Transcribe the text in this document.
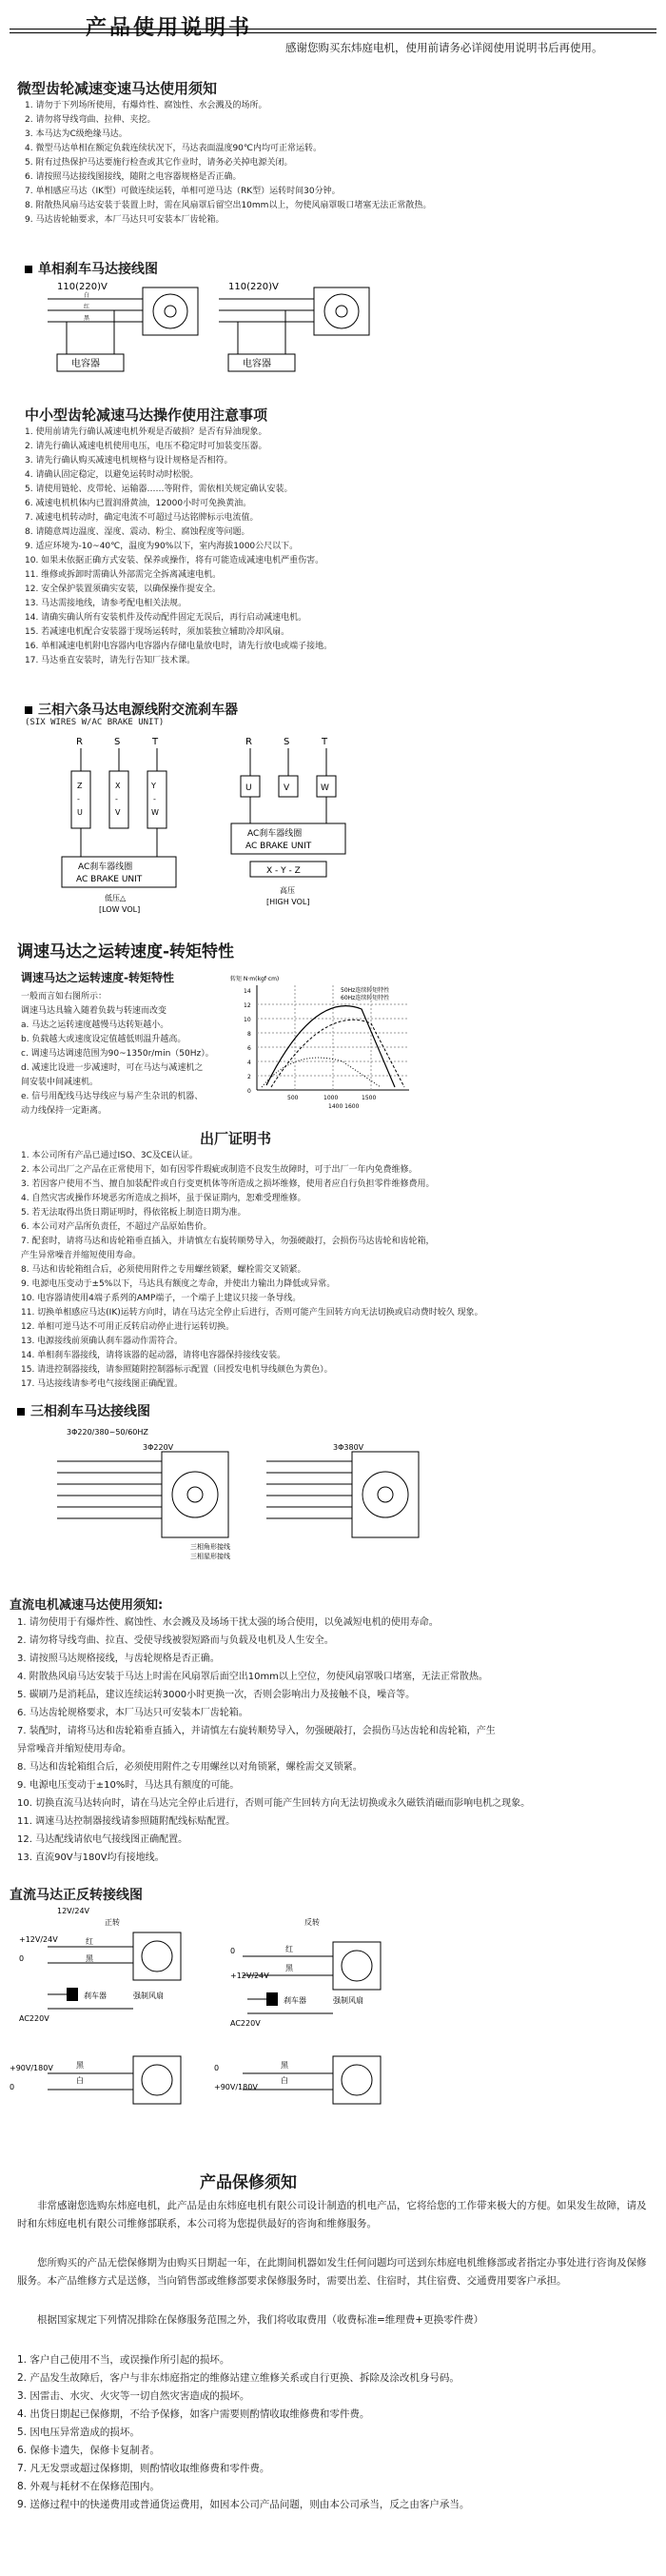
产品使用说明书
感谢您购买东炜庭电机，使用前请务必详阅使用说明书后再使用。
微型齿轮减速变速马达使用须知
1. 请勿于下列场所使用，有爆炸性、腐蚀性、水会溅及的场所。
2. 请勿将导线弯曲、拉伸、夹挖。
3. 本马达为C级绝缘马达。
4. 微型马达单相在额定负载连续状况下，马达表面温度90℃内均可正常运转。
5. 附有过热保护马达要施行检查或其它作业时，请务必关掉电源关闭。
6. 请按照马达接线图接线，随附之电容器规格是否正确。
7. 单相感应马达（IK型）可做连续运转，单相可逆马达（RK型）运转时间30分钟。
8. 附散热风扇马达安装于装置上时，需在风扇罩后留空出10mm以上，勿使风扇罩吸口堵塞无法正常散热。
9. 马达齿轮轴要求，本厂马达只可安装本厂齿轮箱。
单相刹车马达接线图
110(220)V
白
红
黑
电容器
110(220)V
电容器
中小型齿轮减速马达操作使用注意事项
1. 使用前请先行确认减速电机外观是否破损？是否有异油现象。
2. 请先行确认减速电机使用电压，电压不稳定时可加装变压器。
3. 请先行确认购买减速电机规格与设计规格是否相符。
4. 请确认固定稳定，以避免运转时动时松脱。
5. 请使用链轮、皮带轮、运输器……等附件，需依相关规定确认安装。
6. 减速电机机体内已置润滑黄油，12000小时可免换黄油。
7. 减速电机转动时，确定电流不可超过马达铭牌标示电流值。
8. 请随意周边温度、湿度、震动、粉尘、腐蚀程度等问题。
9. 适应环境为-10~40℃，温度为90%以下，室内海拔1000公尺以下。
10. 如果未依据正确方式安装、保养或操作，将有可能造成减速电机严重伤害。
11. 维修或拆卸时需确认外部需完全拆离减速电机。
12. 安全保护装置须确实安装，以确保操作提安全。
13. 马达需接地线，请参考配电相关法规。
14. 请确实确认所有安装机件及传动配件固定无误后，再行启动减速电机。
15. 若减速电机配合安装器于现场运转时，须加装独立辅助冷却风扇。
16. 单相减速电机附电容器内电容器内存储电量放电时，请先行放电或端子接地。
17. 马达垂直安装时，请先行告知厂技术课。
三相六条马达电源线附交流刹车器
(SIX WIRES W/AC BRAKE UNIT)
R	S	T
Z
-
U
X
-
V
Y
-
W
AC刹车器线圈
AC BRAKE UNIT
低压△
[LOW VOL]
R	S	T
U	V	W
AC刹车器线圈
AC BRAKE UNIT
X - Y - Z
高压
[HIGH VOL]
调速马达之运转速度-转矩特性
调速马达之运转速度-转矩特性
一般而言如右图所示：
调速马达具输入随着负载与转速而改变
a. 马达之运转速度越慢马达转矩越小。
b. 负载越大或速度设定值越低则温升越高。
c. 调速马达调速范围为90~1350r/min（50Hz）。
d. 减速比设进一步减速时，可在马达与减速机之
间安装中间减速机。
e. 信号用配线马达导线应与易产生杂讯的机器、
动力线保持一定距离。
转矩 N·m(kgf·cm)
50Hz连续转矩特性
60Hz连续转矩特性
500	1000	1500
1400 1600
0
2
4
6
8
10
12
14
出厂证明书
1. 本公司所有产品已通过ISO、3C及CE认证。
2. 本公司出厂之产品在正常使用下，如有因零件瑕疵或制造不良发生故障时，可于出厂一年内免费维修。
3. 若因客户使用不当、擅自加装配件或自行变更机体等所造成之损坏维修，使用者应自行负担零件维修费用。
4. 自然灾害或操作环境恶劣所造成之损坏，虽于保证期内，恕难受理维修。
5. 若无法取得出货日期证明时，得依铭板上制造日期为准。
6. 本公司对产品所负责任，不超过产品原始售价。
7. 配套时，请将马达和齿轮箱垂直插入，并请慎左右旋转顺势导入，勿强硬敲打，会损伤马达齿轮和齿轮箱，
产生异常噪音并缩短使用寿命。
8. 马达和齿轮箱组合后，必须使用附件之专用螺丝锁紧，螺栓需交叉锁紧。
9. 电源电压变动于±5%以下，马达具有额度之寿命，并使出力输出力降低或异常。
10. 电容器请使用4端子系列的AMP端子，一个端子上建议只接一条导线。
11. 切换单相感应马达(IK)运转方向时，请在马达完全停止后进行，否则可能产生回转方向无法切换或启动费时较久 现象。
12. 单相可逆马达不可用正反转启动停止进行运转切换。
13. 电源接线前须确认刹车器动作需符合。
14. 单相刹车器接线，请将该器的起动器，请将电容器保持接线安装。
15. 请进控制器接线，请参照随附控制器标示配置（回授发电机导线颜色为黄色）。
17. 马达接线请参考电气接线图正确配置。
三相刹车马达接线图
3Φ220/380~50/60HZ
3Φ220V	3Φ380V
三相角形接线
三相星形接线
直流电机减速马达使用须知:
1. 请勿使用于有爆炸性、腐蚀性、水会溅及及场场干扰太强的场合使用，以免减短电机的使用寿命。
2. 请勿将导线弯曲、拉直、受使导线被裂短路而与负载及电机及人生安全。
3. 请按照马达规格接线，与齿轮规格是否正确。
4. 附散热风扇马达安装于马达上时需在风扇罩后面空出10mm以上空位，勿使风扇罩吸口堵塞，无法正常散热。
5. 碳刷乃是消耗品，建议连续运转3000小时更换一次，否则会影响出力及接触不良，噪音等。
6. 马达齿轮规格要求，本厂马达只可安装本厂齿轮箱。
7. 装配时，请将马达和齿轮箱垂直插入，并请慎左右旋转顺势导入，勿强硬敲打，会损伤马达齿轮和齿轮箱，产生
异常噪音并缩短使用寿命。
8. 马达和齿轮箱组合后，必须使用附件之专用螺丝以对角锁紧，螺栓需交叉锁紧。
9. 电源电压变动于±10%时，马达具有额度的可能。
10. 切换直流马达转向时，请在马达完全停止后进行，否则可能产生回转方向无法切换或永久磁铁消磁而影响电机之现象。
11. 调速马达控制器接线请参照随附配线标贴配置。
12. 马达配线请依电气接线图正确配置。
13. 直流90V与180V均有接地线。
直流马达正反转接线图
12V/24V
正转	反转
+12V/24V
0
0
+12V/24V
红
黑
红
黑
刹车器	强制风扇
AC220V
刹车器	强制风扇
AC220V
+90V/180V
0
0
+90V/180V
黑
白
黑
白
产品保修须知
非常感谢您选购东炜庭电机，此产品是由东炜庭电机有限公司设计制造的机电产品，它将给您的工作带来极大的方便。如果发生故障，请及时和东炜庭电机有限公司维修部联系，本公司将为您提供最好的咨询和维修服务。
您所购买的产品无偿保修期为由购买日期起一年，在此期间机器如发生任何问题均可送到东炜庭电机维修部或者指定办事处进行咨询及保修服务。本产品维修方式是送修，当向销售部或维修部要求保修服务时，需要出差、住宿时，其住宿费、交通费用要客户承担。
根据国家规定下列情况排除在保修服务范围之外，我们将收取费用（收费标准=维理费+更换零件费）
1. 客户自己使用不当，或误操作所引起的损坏。
2. 产品发生故障后，客户与非东炜庭指定的维修站建立维修关系或自行更换、拆除及涂改机身号码。
3. 因雷击、水灾、火灾等一切自然灾害造成的损坏。
4. 出货日期起已保修期，不给予保修，如客户需要则酌情收取维修费和零件费。
5. 因电压异常造成的损坏。
6. 保修卡遗失，保修卡复制者。
7. 凡无发票或超过保修期，则酌情收取维修费和零件费。
8. 外观与耗材不在保修范围内。
9. 送修过程中的快递费用或普通货运费用，如因本公司产品问题，则由本公司承当，反之由客户承当。
